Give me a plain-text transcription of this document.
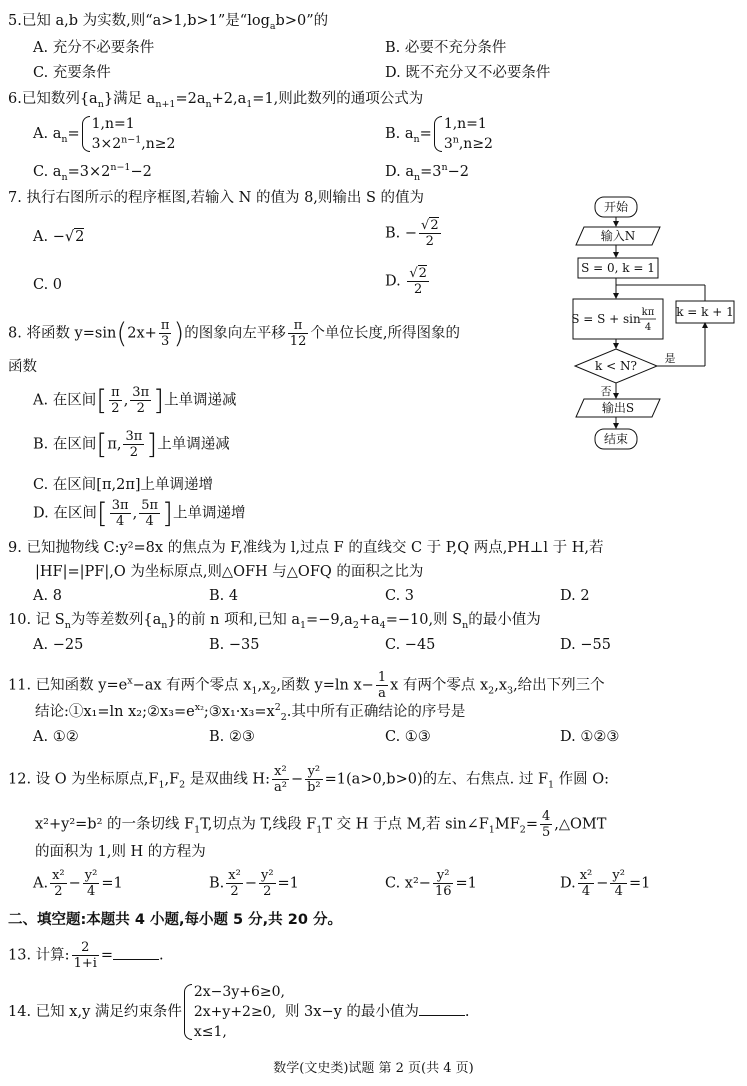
5.已知 a,b 为实数,则“a>1,b>1”是“$\log_ab>0$”的
A. 充分不必要条件	B. 必要不充分条件
C. 充要条件	D. 既不充分又不必要条件
6.已知数列$\{a_n\}$满足 $a_{n+1}=2a_n+2,a_1=1$,则此数列的通项公式为
A. $a_n=$
1,n=1
$3\times 2^{n-1},n\ge 2$
B. $a_n=$
1,n=1
$3^n,n\ge 2$
C. $a_n=3\times 2^{n-1}-2$	D. $a_n=3^n-2$
7. 执行右图所示的程序框图,若输入 N 的值为 8,则输出 S 的值为
A. −√2	B. − $\frac{√2}{2}$
C. 0	D. $\frac{√2}{2}$
开始
输入N
S = 0, k = 1
S = S + sin kπ
4
k = k + 1
k < N?
是
否
输出S
结束
8. 将函数 $y=\sin(2x+ \frac{\pi}{3}$ )的图象向左平移 $\frac{\pi}{12}$ 个单位长度,所得图象的
函数
A. 在区间[ $\frac{\pi}{2}$ , $\frac{3\pi}{2}$ ]上单调递减
B. 在区间[π, $\frac{3\pi}{2}$ ]上单调递减
C. 在区间[π,2π]上单调递增
D. 在区间[ $\frac{3\pi}{4}$ , $\frac{5\pi}{4}$ ]上单调递增
9. 已知抛物线 C:y²=8x 的焦点为 F,准线为 l,过点 F 的直线交 C 于 P,Q 两点,PH⊥l 于 H,若
|HF|=|PF|,O 为坐标原点,则△OFH 与△OFQ 的面积之比为
A. 8	B. 4	C. 3	D. 2
10. 记 $S_n$为等差数列$\{a_n\}$的前 n 项和,已知 $a_1=-9,a_2+a_4=-10$,则 $S_n$的最小值为
A. −25	B. −35	C. −45	D. −55
11. 已知函数 $y=e^x-ax$ 有两个零点 $x_1,x_2$,函数 y=ln $x- \frac{1}{a}$ x 有两个零点 $x_2,x_3$,给出下列三个
结论:①x₁=ln $x_2;②x_3=e^{x_2};③x_1\cdot x_3=x^2_2$.其中所有正确结论的序号是
A. ①②	B. ②③	C. ①③	D. ①②③
12. 设 O 为坐标原点$,F_1,F_2$ 是双曲线 H: $\frac{\text{x²}}{\text{a²}} - \frac{\text{y²}}{\text{b²}} =1(a>0,b>0)$的左、右焦点. 过 $F_1$ 作圆 O:
x²+y²=b² 的一条切线 $F_1T$,切点为 T,线段 $F_1T$ 交 H 于点 M,若 $\sin\angle F_1MF_2= \frac{4}{5}$ ,△OMT
的面积为 1,则 H 的方程为
A. $\frac{\text{x²}}{2} - \frac{\text{y²}}{4} =1$	B. $\frac{\text{x²}}{2} - \frac{\text{y²}}{2} =1$	C. $x^2- \frac{\text{y²}}{16} =1$	D. $\frac{\text{x²}}{4} - \frac{\text{y²}}{4} =1$
二、填空题:本题共 4 小题,每小题 5 分,共 20 分。
13. 计算: $\frac{2}{1+i}$ =	.
14. 已知 x,y 满足约束条件
2x−3y+6≥0,
2x+y+2≥0,
x≤1,
则 3x−y 的最小值为	.
数学(文史类)试题 第 2 页(共 4 页)
